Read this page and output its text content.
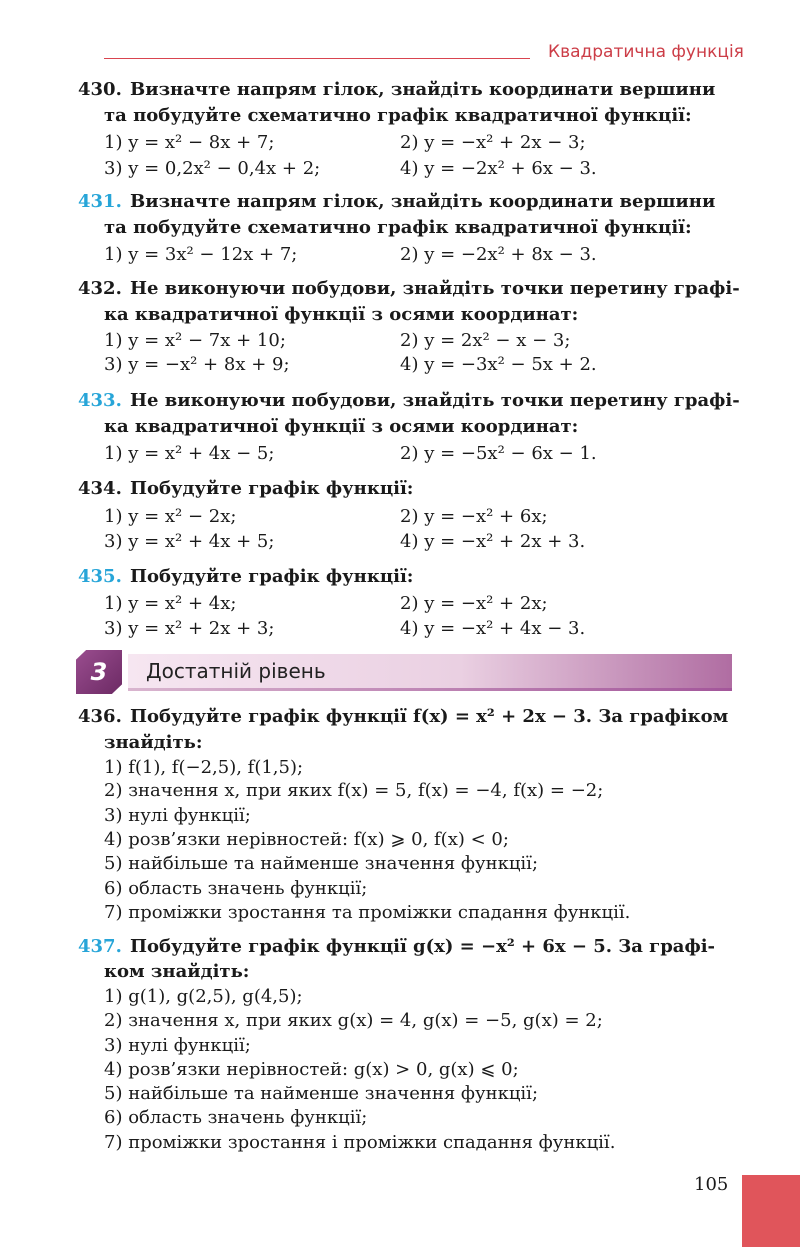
Квадратична функція
430. Визначте напрям гілок, знайдіть координати вершини
та побудуйте схематично графік квадратичної функції:
1) y = x² − 8x + 7;	2) y = −x² + 2x − 3;
3) y = 0,2x² − 0,4x + 2;	4) y = −2x² + 6x − 3.
431. Визначте напрям гілок, знайдіть координати вершини
та побудуйте схематично графік квадратичної функції:
1) y = 3x² − 12x + 7;	2) y = −2x² + 8x − 3.
432. Не виконуючи побудови, знайдіть точки перетину графі-
ка квадратичної функції з осями координат:
1) y = x² − 7x + 10;	2) y = 2x² − x − 3;
3) y = −x² + 8x + 9;	4) y = −3x² − 5x + 2.
433. Не виконуючи побудови, знайдіть точки перетину графі-
ка квадратичної функції з осями координат:
1) y = x² + 4x − 5;	2) y = −5x² − 6x − 1.
434. Побудуйте графік функції:
1) y = x² − 2x;	2) y = −x² + 6x;
3) y = x² + 4x + 5;	4) y = −x² + 2x + 3.
435. Побудуйте графік функції:
1) y = x² + 4x;	2) y = −x² + 2x;
3) y = x² + 2x + 3;	4) y = −x² + 4x − 3.
3	Достатній рівень
436. Побудуйте графік функції f(x) = x² + 2x − 3. За графіком
знайдіть:
1) f(1), f(−2,5), f(1,5);
2) значення x, при яких f(x) = 5, f(x) = −4, f(x) = −2;
3) нулі функції;
4) розв’язки нерівностей: f(x) ⩾ 0, f(x) < 0;
5) найбільше та найменше значення функції;
6) область значень функції;
7) проміжки зростання та проміжки спадання функції.
437. Побудуйте графік функції g(x) = −x² + 6x − 5. За графі-
ком знайдіть:
1) g(1), g(2,5), g(4,5);
2) значення x, при яких g(x) = 4, g(x) = −5, g(x) = 2;
3) нулі функції;
4) розв’язки нерівностей: g(x) > 0, g(x) ⩽ 0;
5) найбільше та найменше значення функції;
6) область значень функції;
7) проміжки зростання і проміжки спадання функції.
105
